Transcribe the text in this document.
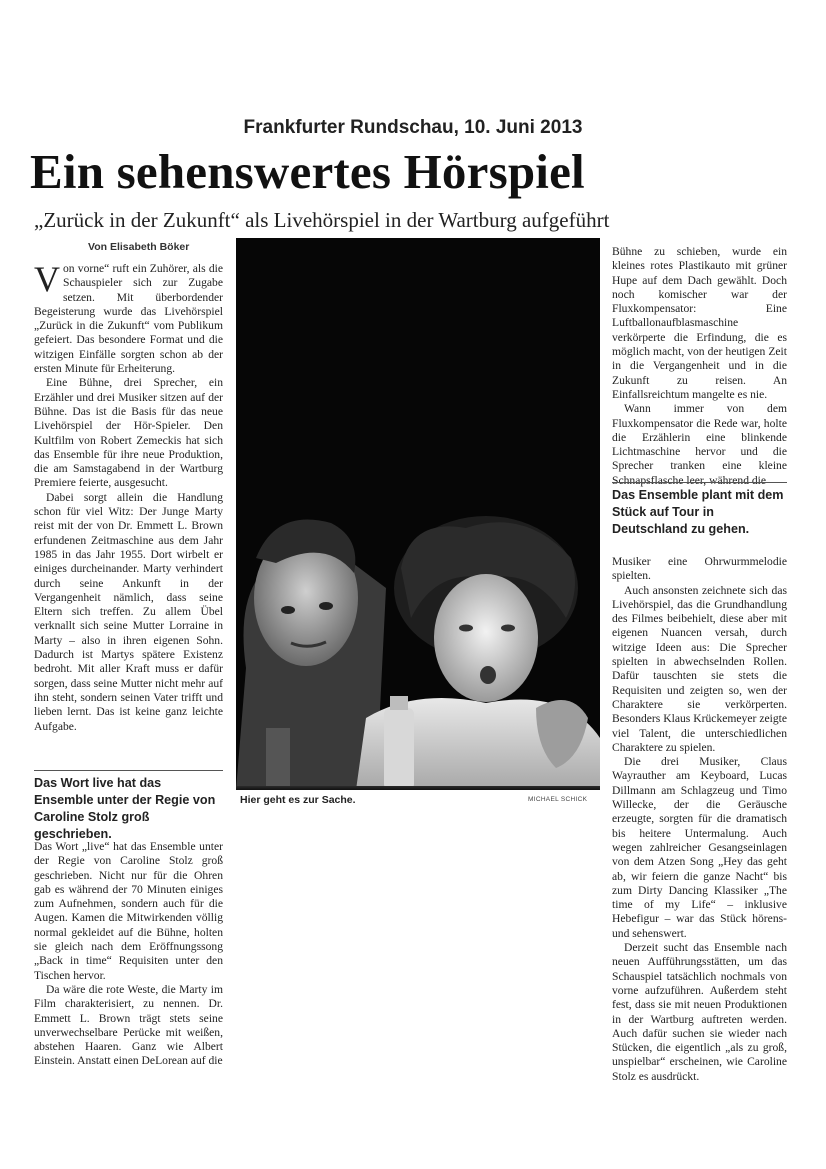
Frankfurter Rundschau, 10. Juni 2013
Ein sehenswertes Hörspiel
„Zurück in der Zukunft“ als Livehörspiel in der Wartburg aufgeführt
Von Elisabeth Böker

Von vorne“ ruft ein Zuhörer, als die Schauspieler sich zur Zugabe setzen. Mit überbordender Begeisterung wurde das Livehörspiel „Zurück in die Zukunft“ vom Publikum gefeiert. Das besondere Format und die witzigen Einfälle sorgten schon ab der ersten Minute für Erheiterung.

Eine Bühne, drei Sprecher, ein Erzähler und drei Musiker sitzen auf der Bühne. Das ist die Basis für das neue Livehörspiel der Hör-Spieler. Den Kultfilm von Robert Zemeckis hat sich das Ensemble für ihre neue Produktion, die am Samstagabend in der Wartburg Premiere feierte, ausgesucht.

Dabei sorgt allein die Handlung schon für viel Witz: Der Junge Marty reist mit der von Dr. Emmett L. Brown erfundenen Zeitmaschine aus dem Jahr 1985 in das Jahr 1955. Dort wirbelt er einiges durcheinander. Marty verhindert durch seine Ankunft in der Vergangenheit nämlich, dass seine Eltern sich treffen. Zu allem Übel verknallt sich seine Mutter Lorraine in Marty – also in ihren eigenen Sohn. Dadurch ist Martys spätere Existenz bedroht. Mit aller Kraft muss er dafür sorgen, dass seine Mutter nicht mehr auf ihn steht, sondern seinen Vater trifft und lieben lernt. Das ist keine ganz leichte Aufgabe.

Das Wort live hat das Ensemble unter der Regie von Caroline Stolz groß geschrieben.

Das Wort „live“ hat das Ensemble unter der Regie von Caroline Stolz groß geschrieben. Nicht nur für die Ohren gab es während der 70 Minuten einiges zum Aufnehmen, sondern auch für die Augen. Kamen die Mitwirkenden völlig normal gekleidet auf die Bühne, holten sie gleich nach dem Eröffnungssong „Back in time“ Requisiten unter den Tischen hervor.

Da wäre die rote Weste, die Marty im Film charakterisiert, zu nennen. Dr. Emmett L. Brown trägt stets seine unverwechselbare Perücke mit weißen, abstehen Haaren. Ganz wie Albert Einstein. Anstatt einen DeLorean auf die

Hier geht es zur Sache.	MICHAEL SCHICK

Bühne zu schieben, wurde ein kleines rotes Plastikauto mit grüner Hupe auf dem Dach gewählt. Doch noch komischer war der Fluxkompensator: Eine Luftballonaufblasmaschine verkörperte die Erfindung, die es möglich macht, von der heutigen Zeit in die Vergangenheit und in die Zukunft zu reisen. An Einfallsreichtum mangelte es nie.

Wann immer von dem Fluxkompensator die Rede war, holte die Erzählerin eine blinkende Lichtmaschine hervor und die Sprecher tranken eine kleine Schnapsflasche leer, während die

Das Ensemble plant mit dem Stück auf Tour in Deutschland zu gehen.

Musiker eine Ohrwurmmelodie spielten.

Auch ansonsten zeichnete sich das Livehörspiel, das die Grundhandlung des Filmes beibehielt, diese aber mit eigenen Nuancen versah, durch witzige Ideen aus: Die Sprecher spielten in abwechselnden Rollen. Dafür tauschten sie stets die Requisiten und zeigten so, wen der Charaktere sie verkörperten. Besonders Klaus Krückemeyer zeigte viel Talent, die unterschiedlichen Charaktere zu spielen.

Die drei Musiker, Claus Wayrauther am Keyboard, Lucas Dillmann am Schlagzeug und Timo Willecke, der die Geräusche erzeugte, sorgten für die dramatisch bis heitere Untermalung. Auch wegen zahlreicher Gesangseinlagen von dem Atzen Song „Hey das geht ab, wir feiern die ganze Nacht“ bis zum Dirty Dancing Klassiker „The time of my Life“ – inklusive Hebefigur – war das Stück hörens- und sehenswert.

Derzeit sucht das Ensemble nach neuen Aufführungsstätten, um das Schauspiel tatsächlich nochmals von vorne aufzuführen. Außerdem steht fest, dass sie mit neuen Produktionen in der Wartburg auftreten werden. Auch dafür suchen sie wieder nach Stücken, die eigentlich „als zu groß, unspielbar“ erscheinen, wie Caroline Stolz es ausdrückt.
